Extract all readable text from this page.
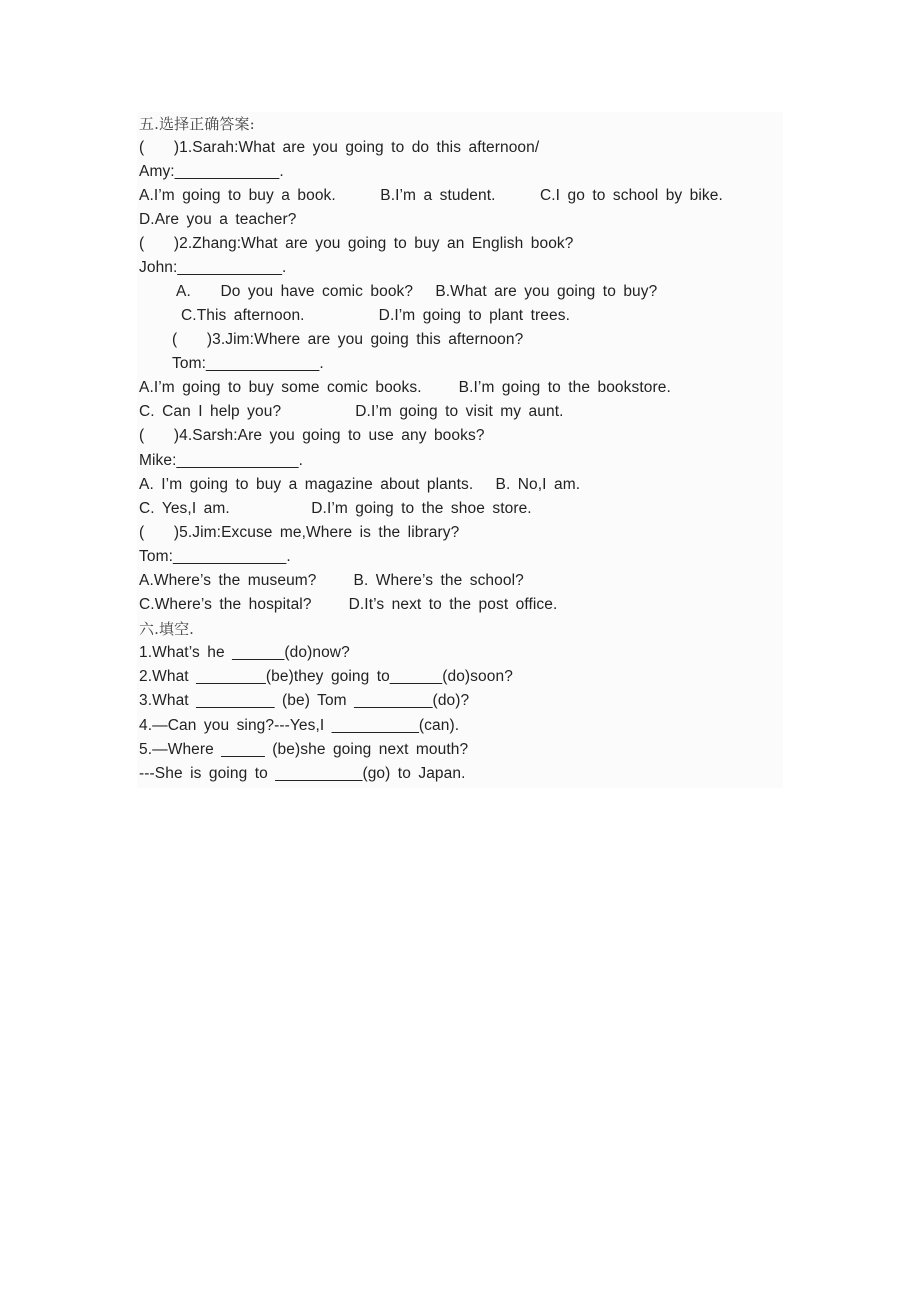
五.选择正确答案:
(    )1.Sarah:What are you going to do this afternoon/
Amy:____________.
A.I’m going to buy a book.      B.I’m a student.      C.I go to school by bike.
D.Are you a teacher?
(    )2.Zhang:What are you going to buy an English book?
John:____________.
A.    Do you have comic book?   B.What are you going to buy?
C.This afternoon.          D.I’m going to plant trees.
(    )3.Jim:Where are you going this afternoon?
Tom:_____________.
A.I’m going to buy some comic books.     B.I’m going to the bookstore.
C. Can I help you?          D.I’m going to visit my aunt.
(    )4.Sarsh:Are you going to use any books?
Mike:______________.
A. I’m going to buy a magazine about plants.   B. No,I am.
C. Yes,I am.           D.I’m going to the shoe store.
(    )5.Jim:Excuse me,Where is the library?
Tom:_____________.
A.Where’s the museum?     B. Where’s the school?
C.Where’s the hospital?     D.It’s next to the post office.
六.填空.
1.What’s he ______(do)now?
2.What ________(be)they going to______(do)soon?
3.What _________ (be) Tom _________(do)?
4.—Can you sing?---Yes,I __________(can).
5.—Where _____ (be)she going next mouth?
---She is going to __________(go) to Japan.
